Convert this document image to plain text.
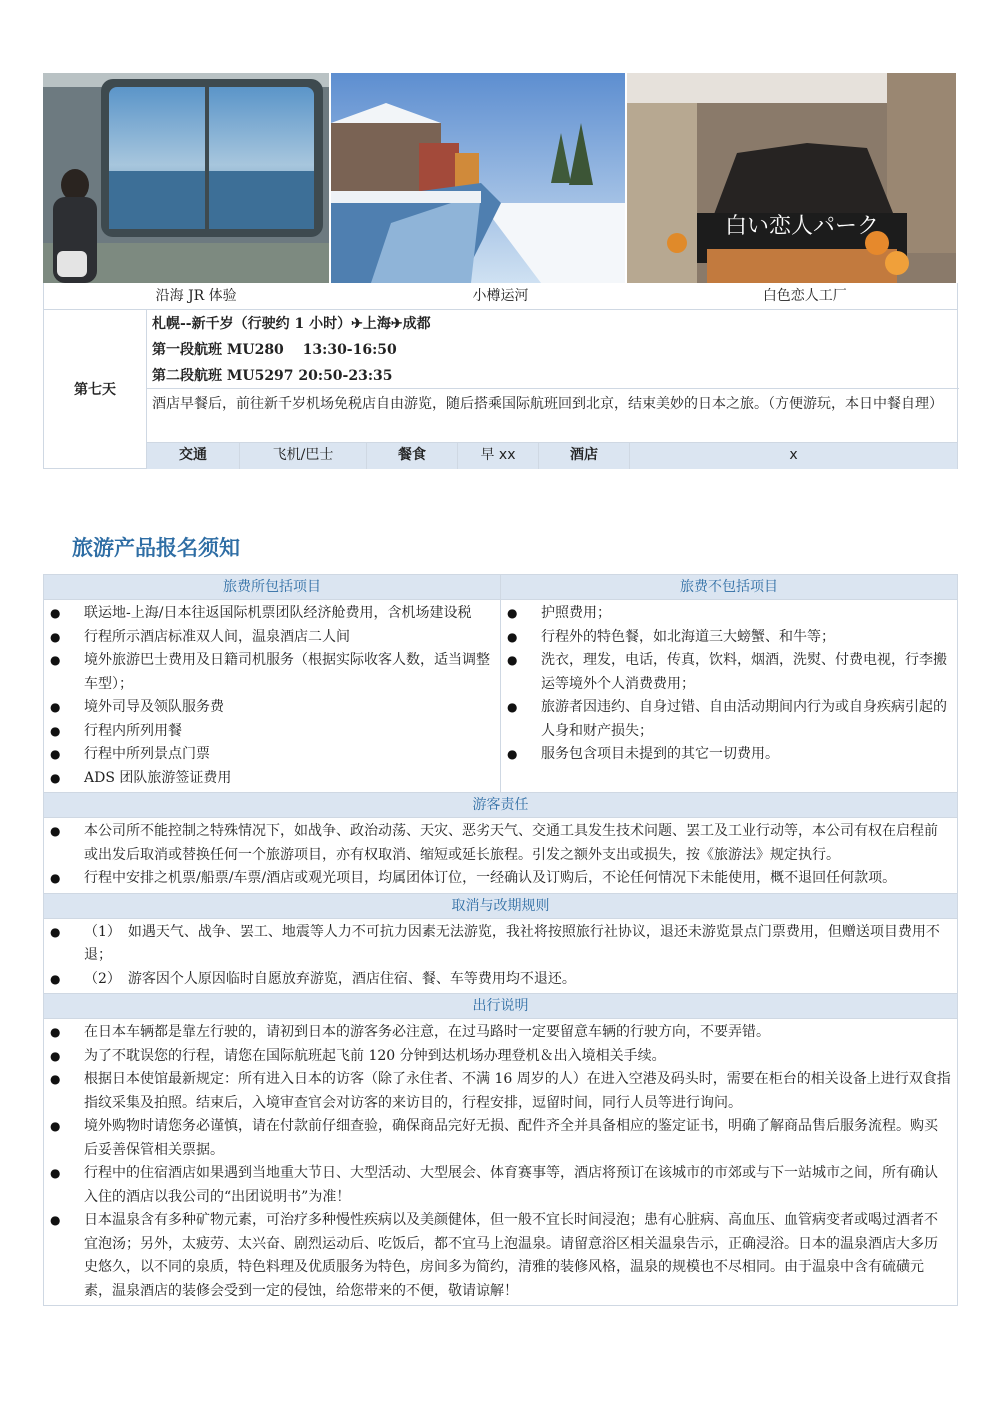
白い恋人パーク
沿海 JR 体验	小樽运河	白色恋人工厂
第七天
札幌--新千岁（行驶约 1 小时）✈上海✈成都
第一段航班 MU280　 13:30-16:50
第二段航班 MU5297 20:50-23:35
酒店早餐后，前往新千岁机场免税店自由游览，随后搭乘国际航班回到北京，结束美妙的日本之旅。（方便游玩，本日中餐自理）
交通	飞机/巴士	餐食	早 xx	酒店	x
旅游产品报名须知
旅费所包括项目
● 联运地-上海/日本往返国际机票团队经济舱费用，含机场建设税
● 行程所示酒店标准双人间，温泉酒店二人间
● 境外旅游巴士费用及日籍司机服务（根据实际收客人数，适当调整车型）；
● 境外司导及领队服务费
● 行程内所列用餐
● 行程中所列景点门票
● ADS 团队旅游签证费用
旅费不包括项目
● 护照费用；
● 行程外的特色餐，如北海道三大螃蟹、和牛等；
● 洗衣，理发，电话，传真，饮料，烟酒，洗熨、付费电视，行李搬运等境外个人消费费用；
● 旅游者因违约、自身过错、自由活动期间内行为或自身疾病引起的人身和财产损失；
● 服务包含项目未提到的其它一切费用。
游客责任
● 本公司所不能控制之特殊情况下，如战争、政治动荡、天灾、恶劣天气、交通工具发生技术问题、罢工及工业行动等，本公司有权在启程前或出发后取消或替换任何一个旅游项目，亦有权取消、缩短或延长旅程。引发之额外支出或损失，按《旅游法》规定执行。
● 行程中安排之机票/船票/车票/酒店或观光项目，均属团体订位，一经确认及订购后，不论任何情况下未能使用，概不退回任何款项。
取消与改期规则
● （1）　如遇天气、战争、罢工、地震等人力不可抗力因素无法游览，我社将按照旅行社协议，退还未游览景点门票费用，但赠送项目费用不退；
● （2）　游客因个人原因临时自愿放弃游览，酒店住宿、餐、车等费用均不退还。
出行说明
● 在日本车辆都是靠左行驶的，请初到日本的游客务必注意，在过马路时一定要留意车辆的行驶方向，不要弄错。
● 为了不耽误您的行程，请您在国际航班起飞前 120 分钟到达机场办理登机＆出入境相关手续。
● 根据日本使馆最新规定：所有进入日本的访客（除了永住者、不满 16 周岁的人）在进入空港及码头时，需要在柜台的相关设备上进行双食指指纹采集及拍照。结束后，入境审查官会对访客的来访目的，行程安排，逗留时间，同行人员等进行询问。
● 境外购物时请您务必谨慎，请在付款前仔细查验，确保商品完好无损、配件齐全并具备相应的鉴定证书，明确了解商品售后服务流程。购买后妥善保管相关票据。
● 行程中的住宿酒店如果遇到当地重大节日、大型活动、大型展会、体育赛事等，酒店将预订在该城市的市郊或与下一站城市之间，所有确认入住的酒店以我公司的“出团说明书”为准！
● 日本温泉含有多种矿物元素，可治疗多种慢性疾病以及美颜健体，但一般不宜长时间浸泡；患有心脏病、高血压、血管病变者或喝过酒者不宜泡汤；另外，太疲劳、太兴奋、剧烈运动后、吃饭后，都不宜马上泡温泉。请留意浴区相关温泉告示，正确浸浴。日本的温泉酒店大多历史悠久，以不同的泉质，特色料理及优质服务为特色，房间多为简约，清雅的装修风格，温泉的规模也不尽相同。由于温泉中含有硫磺元素，温泉酒店的装修会受到一定的侵蚀，给您带来的不便，敬请谅解！
